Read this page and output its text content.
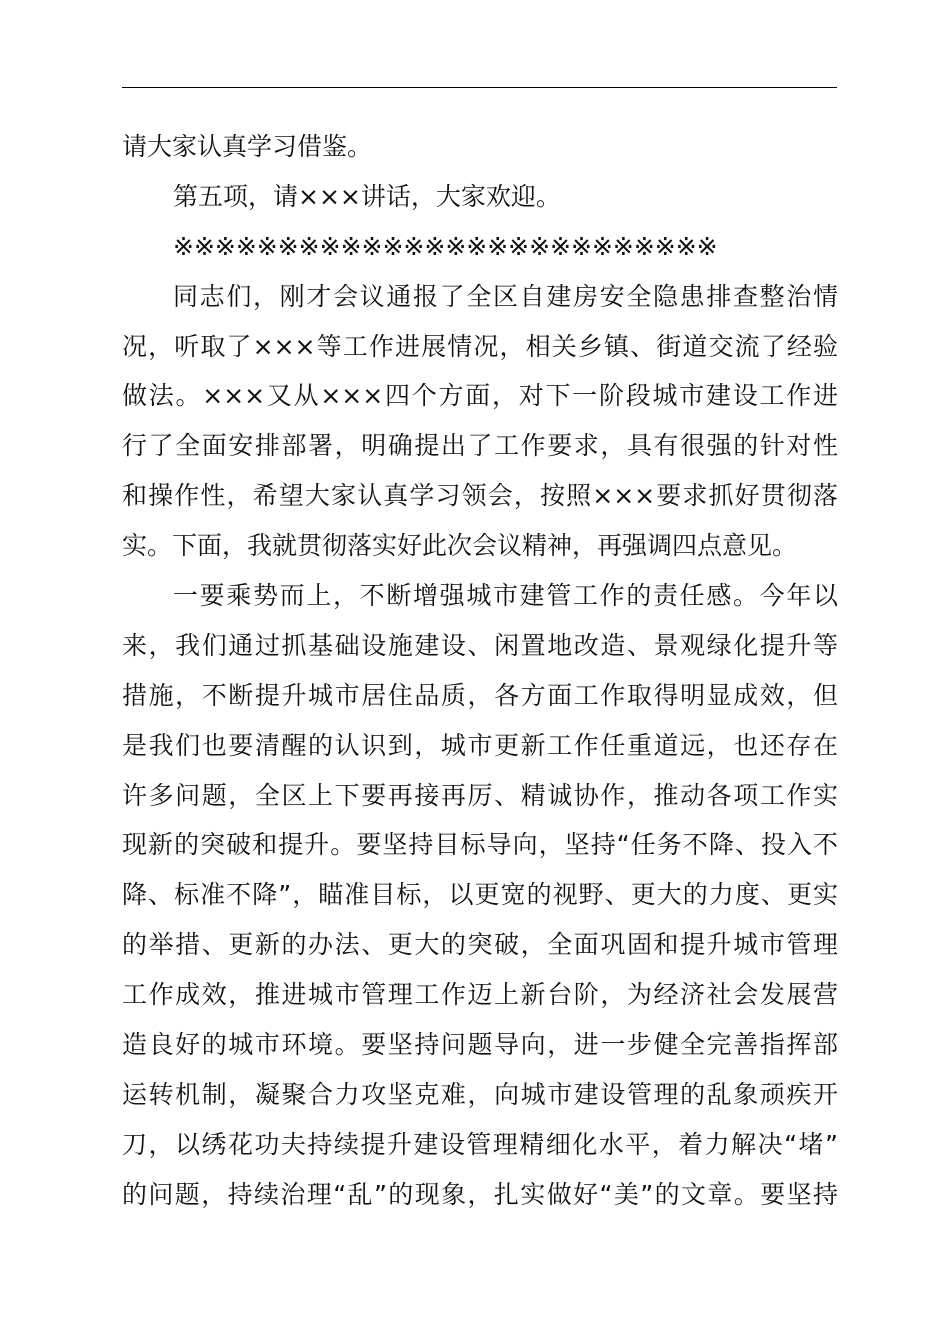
请大家认真学习借鉴。
第五项，请×××讲话，大家欢迎。
※※※※※※※※※※※※※※※※※※※※※※※※※※
同志们，刚才会议通报了全区自建房安全隐患排查整治情
况，听取了×××等工作进展情况，相关乡镇、街道交流了经验
做法。×××又从×××四个方面，对下一阶段城市建设工作进
行了全面安排部署，明确提出了工作要求，具有很强的针对性
和操作性，希望大家认真学习领会，按照×××要求抓好贯彻落
实。下面，我就贯彻落实好此次会议精神，再强调四点意见。
一要乘势而上，不断增强城市建管工作的责任感。今年以
来，我们通过抓基础设施建设、闲置地改造、景观绿化提升等
措施，不断提升城市居住品质，各方面工作取得明显成效，但
是我们也要清醒的认识到，城市更新工作任重道远，也还存在
许多问题，全区上下要再接再厉、精诚协作，推动各项工作实
现新的突破和提升。要坚持目标导向，坚持“任务不降、投入不
降、标准不降”，瞄准目标，以更宽的视野、更大的力度、更实
的举措、更新的办法、更大的突破，全面巩固和提升城市管理
工作成效，推进城市管理工作迈上新台阶，为经济社会发展营
造良好的城市环境。要坚持问题导向，进一步健全完善指挥部
运转机制，凝聚合力攻坚克难，向城市建设管理的乱象顽疾开
刀，以绣花功夫持续提升建设管理精细化水平，着力解决“堵”
的问题，持续治理“乱”的现象，扎实做好“美”的文章。要坚持
